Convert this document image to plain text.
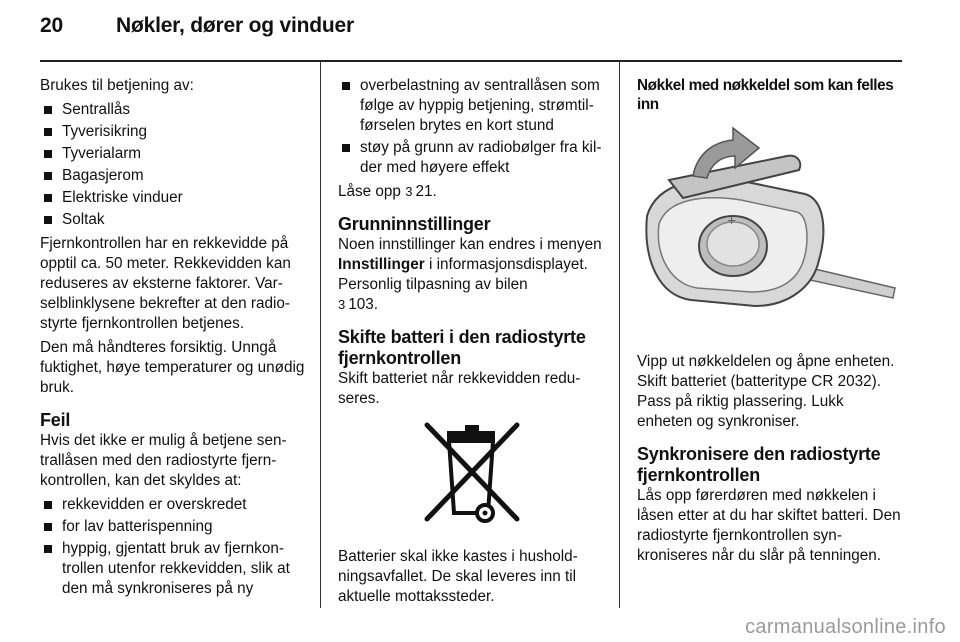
20	Nøkler, dører og vinduer

Brukes til betjening av:

Sentrallås
Tyverisikring
Tyverialarm
Bagasjerom
Elektriske vinduer
Soltak

Fjernkontrollen har en rekkevidde på opptil ca. 50 meter. Rekkevidden kan reduseres av eksterne faktorer. Varselblinklysene bekrefter at den radiostyrte fjernkontrollen betjenes.

Den må håndteres forsiktig. Unngå fuktighet, høye temperaturer og unødig bruk.

Feil

Hvis det ikke er mulig å betjene sentrallåsen med den radiostyrte fjernkontrollen, kan det skyldes at:

rekkevidden er overskredet
for lav batterispenning
hyppig, gjentatt bruk av fjernkontrollen utenfor rekkevidden, slik at den må synkroniseres på ny
overbelastning av sentrallåsen som følge av hyppig betjening, strømtilførselen brytes en kort stund
støy på grunn av radiobølger fra kilder med høyere effekt

Låse opp 3 21.

Grunninnstillinger

Noen innstillinger kan endres i menyen Innstillinger i informasjonsdisplayet. Personlig tilpasning av bilen
3 103.

Skifte batteri i den radiostyrte fjernkontrollen

Skift batteriet når rekkevidden reduseres.

Batterier skal ikke kastes i husholdningsavfallet. De skal leveres inn til aktuelle mottakssteder.

Nøkkel med nøkkeldel som kan felles inn
+

Vipp ut nøkkeldelen og åpne enheten. Skift batteriet (batteritype CR 2032). Pass på riktig plassering. Lukk enheten og synkroniser.

Synkronisere den radiostyrte fjernkontrollen

Lås opp førerdøren med nøkkelen i låsen etter at du har skiftet batteri. Den radiostyrte fjernkontrollen synkroniseres når du slår på tenningen.

carmanualsonline.info
